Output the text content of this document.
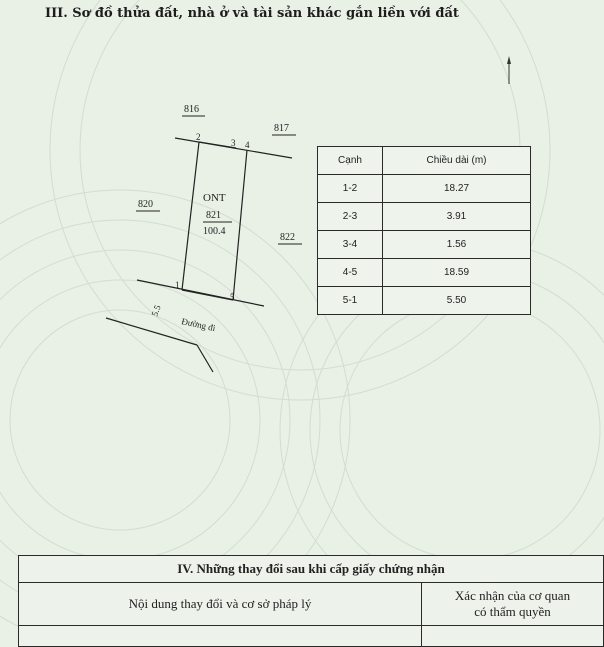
III. Sơ đồ thửa đất, nhà ở và tài sản khác gắn liền với đất
1
2
3 4
5
ONT
821
100.4
816
817
820
822
5.5
Đường đi
Cạnh	Chiều dài (m)
1-2	18.27
2-3	3.91
3-4	1.56
4-5	18.59
5-1	5.50
IV. Những thay đổi sau khi cấp giấy chứng nhận	
Nội dung thay đổi và cơ sở pháp lý	Xác nhận của cơ quan
có thẩm quyền
